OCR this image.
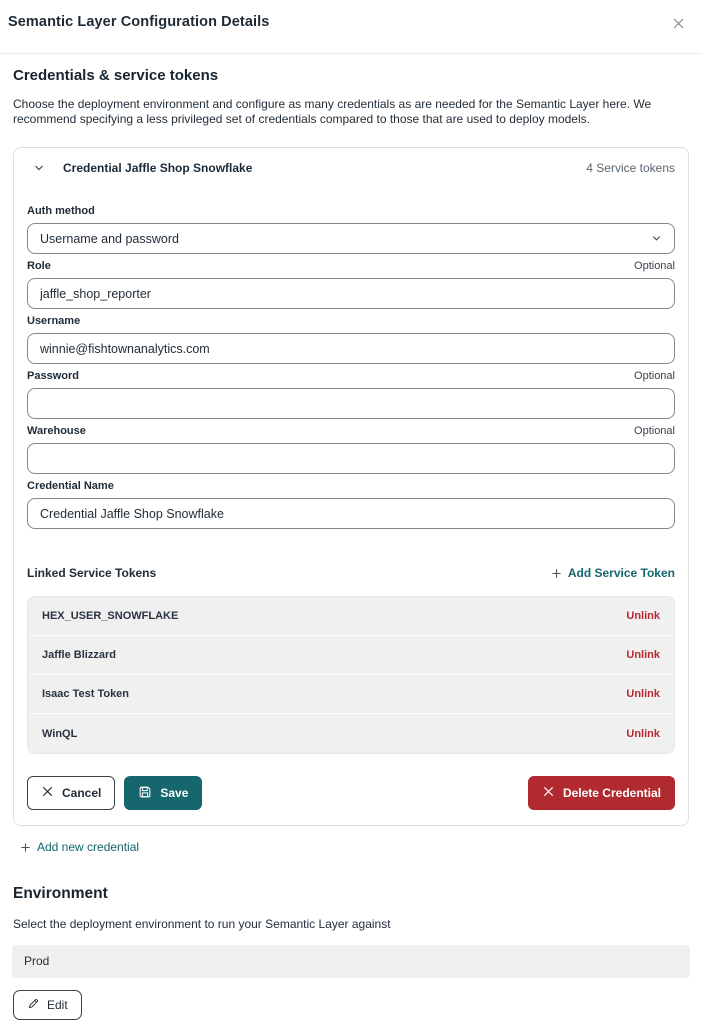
Semantic Layer Configuration Details
Credentials & service tokens

Choose the deployment environment and configure as many credentials as are needed for the Semantic Layer here. We recommend specifying a less privileged set of credentials compared to those that are used to deploy models.

Credential Jaffle Shop Snowflake	4 Service tokens
Auth method
Username and password
Role	Optional
jaffle_shop_reporter
Username
winnie@fishtownanalytics.com
Password	Optional
Warehouse	Optional
Credential Name
Credential Jaffle Shop Snowflake
Linked Service Tokens	Add Service Token
HEX_USER_SNOWFLAKE	Unlink
Jaffle Blizzard	Unlink
Isaac Test Token	Unlink
WinQL	Unlink
Cancel	Save	Delete Credential
Add new credential
Environment

Select the deployment environment to run your Semantic Layer against

Prod
Edit
